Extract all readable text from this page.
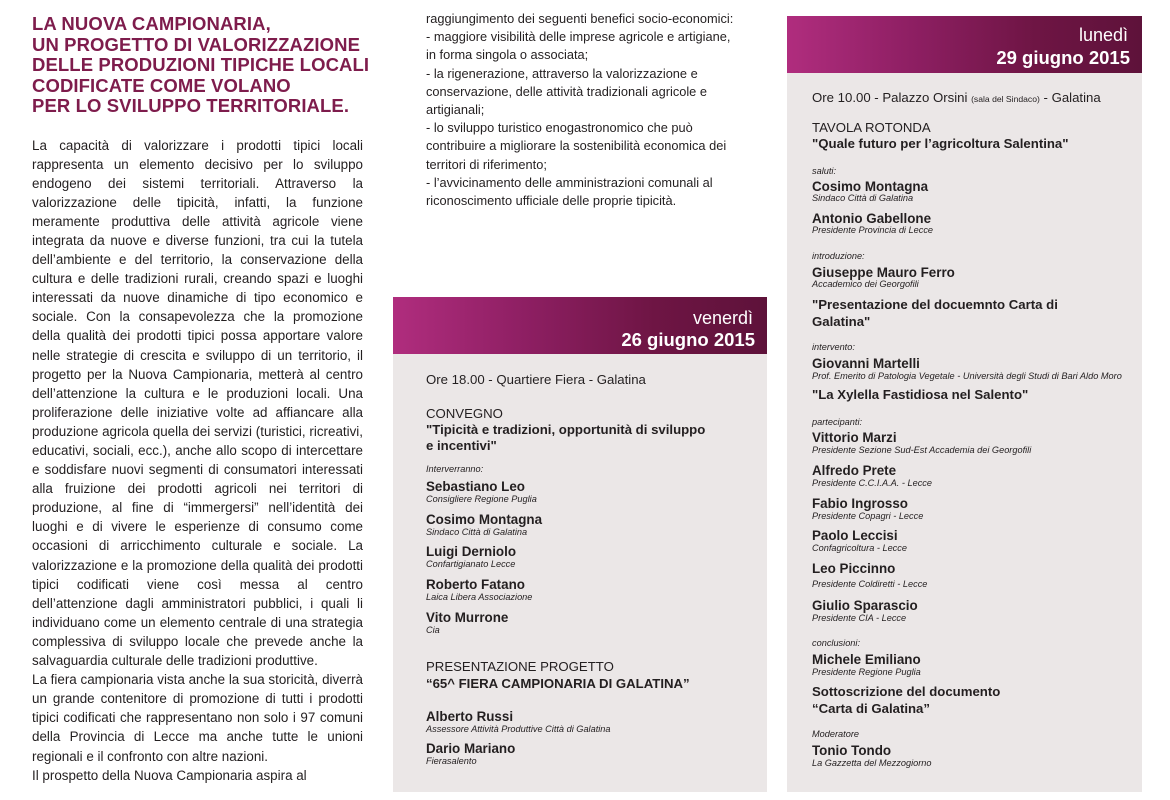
LA NUOVA CAMPIONARIA,
UN PROGETTO DI VALORIZZAZIONE
DELLE PRODUZIONI TIPICHE LOCALI
CODIFICATE COME VOLANO
PER LO SVILUPPO TERRITORIALE.

La capacità di valorizzare i prodotti tipici locali rappresenta un elemento decisivo per lo sviluppo endogeno dei sistemi territoriali. Attraverso la valorizzazione delle tipicità, infatti, la funzione meramente produttiva delle attività agricole viene integrata da nuove e diverse funzioni, tra cui la tutela dell’ambiente e del territorio, la conservazione della cultura e delle tradizioni rurali, creando spazi e luoghi interessati da nuove dinamiche di tipo economico e sociale. Con la consapevolezza che la promozione della qualità dei prodotti tipici possa apportare valore nelle strategie di crescita e sviluppo di un territorio, il progetto per la Nuova Campionaria, metterà al centro dell’attenzione la cultura e le produzioni locali. Una proliferazione delle iniziative volte ad affiancare alla produzione agricola quella dei servizi (turistici, ricreativi, educativi, sociali, ecc.), anche allo scopo di intercettare e soddisfare nuovi segmenti di consumatori interessati alla fruizione dei prodotti agricoli nei territori di produzione, al fine di “immergersi” nell’identità dei luoghi e di vivere le esperienze di consumo come occasioni di arricchimento culturale e sociale. La valorizzazione e la promozione della qualità dei prodotti tipici codificati viene così messa al centro dell’attenzione dagli amministratori pubblici, i quali li individuano come un elemento centrale di una strategia complessiva di sviluppo locale che prevede anche la salvaguardia culturale delle tradizioni produttive.

La fiera campionaria vista anche la sua storicità, diverrà un grande contenitore di promozione di tutti i prodotti tipici codificati che rappresentano non solo i 97 comuni della Provincia di Lecce ma anche tutte le unioni regionali e il confronto con altre nazioni.

Il prospetto della Nuova Campionaria aspira al

raggiungimento dei seguenti benefici socio-economici:
- maggiore visibilità delle imprese agricole e artigiane,
in forma singola o associata;
- la rigenerazione, attraverso la valorizzazione e
conservazione, delle attività tradizionali agricole e
artigianali;
- lo sviluppo turistico enogastronomico che può
contribuire a migliorare la sostenibilità economica dei
territori di riferimento;
- l’avvicinamento delle amministrazioni comunali al
riconoscimento ufficiale delle proprie tipicità.
venerdì
26 giugno 2015
Ore 18.00 - Quartiere Fiera - Galatina
CONVEGNO
"Tipicità e tradizioni, opportunità di sviluppo
e incentivi"
Interverranno:
Sebastiano Leo
Consigliere Regione Puglia
Cosimo Montagna
Sindaco Città di Galatina
Luigi Derniolo
Confartigianato Lecce
Roberto Fatano
Laica Libera Associazione
Vito Murrone
Cia
PRESENTAZIONE PROGETTO
“65^ FIERA CAMPIONARIA DI GALATINA”
Alberto Russi
Assessore Attività Produttive Città di Galatina
Dario Mariano
Fierasalento
lunedì
29 giugno 2015
Ore 10.00 - Palazzo Orsini (sala del Sindaco) - Galatina
TAVOLA ROTONDA
"Quale futuro per l’agricoltura Salentina"
saluti:
Cosimo Montagna
Sindaco Città di Galatina
Antonio Gabellone
Presidente Provincia di Lecce
introduzione:
Giuseppe Mauro Ferro
Accademico dei Georgofili
"Presentazione del docuemnto Carta di
Galatina"
intervento:
Giovanni Martelli
Prof. Emerito di Patologia Vegetale - Università degli Studi di Bari Aldo Moro
"La Xylella Fastidiosa nel Salento"
partecipanti:
Vittorio Marzi
Presidente Sezione Sud-Est Accademia dei Georgofili
Alfredo Prete
Presidente C.C.I.A.A. - Lecce
Fabio Ingrosso
Presidente Copagri - Lecce
Paolo Leccisi
Confagricoltura - Lecce
Leo Piccinno
Presidente Coldiretti - Lecce
Giulio Sparascio
Presidente CIA - Lecce
conclusioni:
Michele Emiliano
Presidente Regione Puglia
Sottoscrizione del documento
“Carta di Galatina”
Moderatore
Tonio Tondo
La Gazzetta del Mezzogiorno
